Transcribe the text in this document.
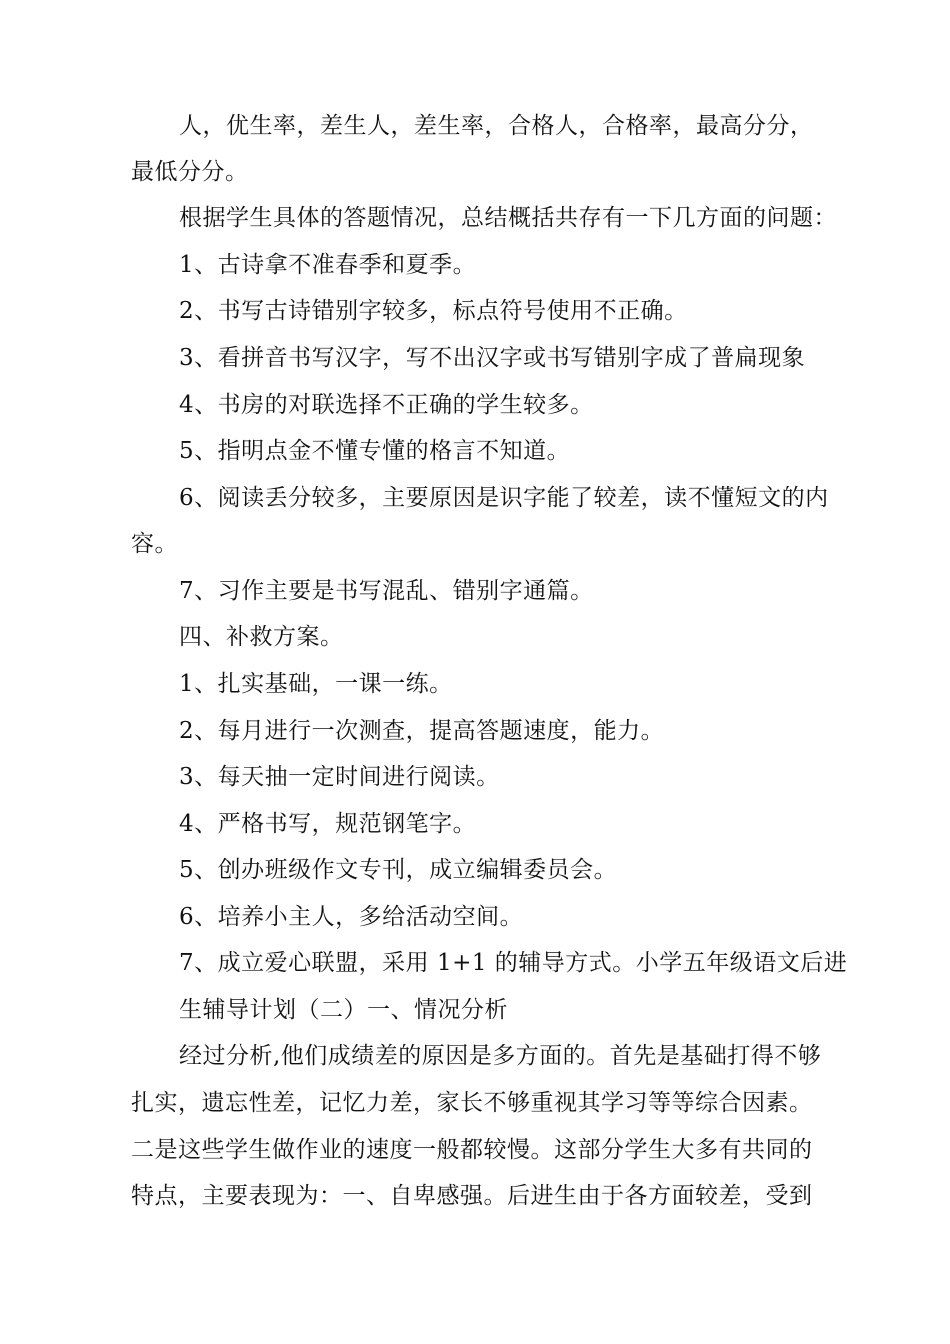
人，优生率，差生人，差生率，合格人，合格率，最高分分，
最低分分。
根据学生具体的答题情况，总结概括共存有一下几方面的问题：
1、古诗拿不准春季和夏季。
2、书写古诗错别字较多，标点符号使用不正确。
3、看拼音书写汉字，写不出汉字或书写错别字成了普扁现象
4、书房的对联选择不正确的学生较多。
5、指明点金不懂专懂的格言不知道。
6、阅读丢分较多，主要原因是识字能了较差，读不懂短文的内
容。
7、习作主要是书写混乱、错别字通篇。
四、补救方案。
1、扎实基础，一课一练。
2、每月进行一次测查，提高答题速度，能力。
3、每天抽一定时间进行阅读。
4、严格书写，规范钢笔字。
5、创办班级作文专刊，成立编辑委员会。
6、培养小主人，多给活动空间。
7、成立爱心联盟，采用 1+1 的辅导方式。小学五年级语文后进
生辅导计划（二）一、情况分析
经过分析,他们成绩差的原因是多方面的。首先是基础打得不够
扎实，遗忘性差，记忆力差，家长不够重视其学习等等综合因素。
二是这些学生做作业的速度一般都较慢。这部分学生大多有共同的
特点，主要表现为：一、自卑感强。后进生由于各方面较差，受到
